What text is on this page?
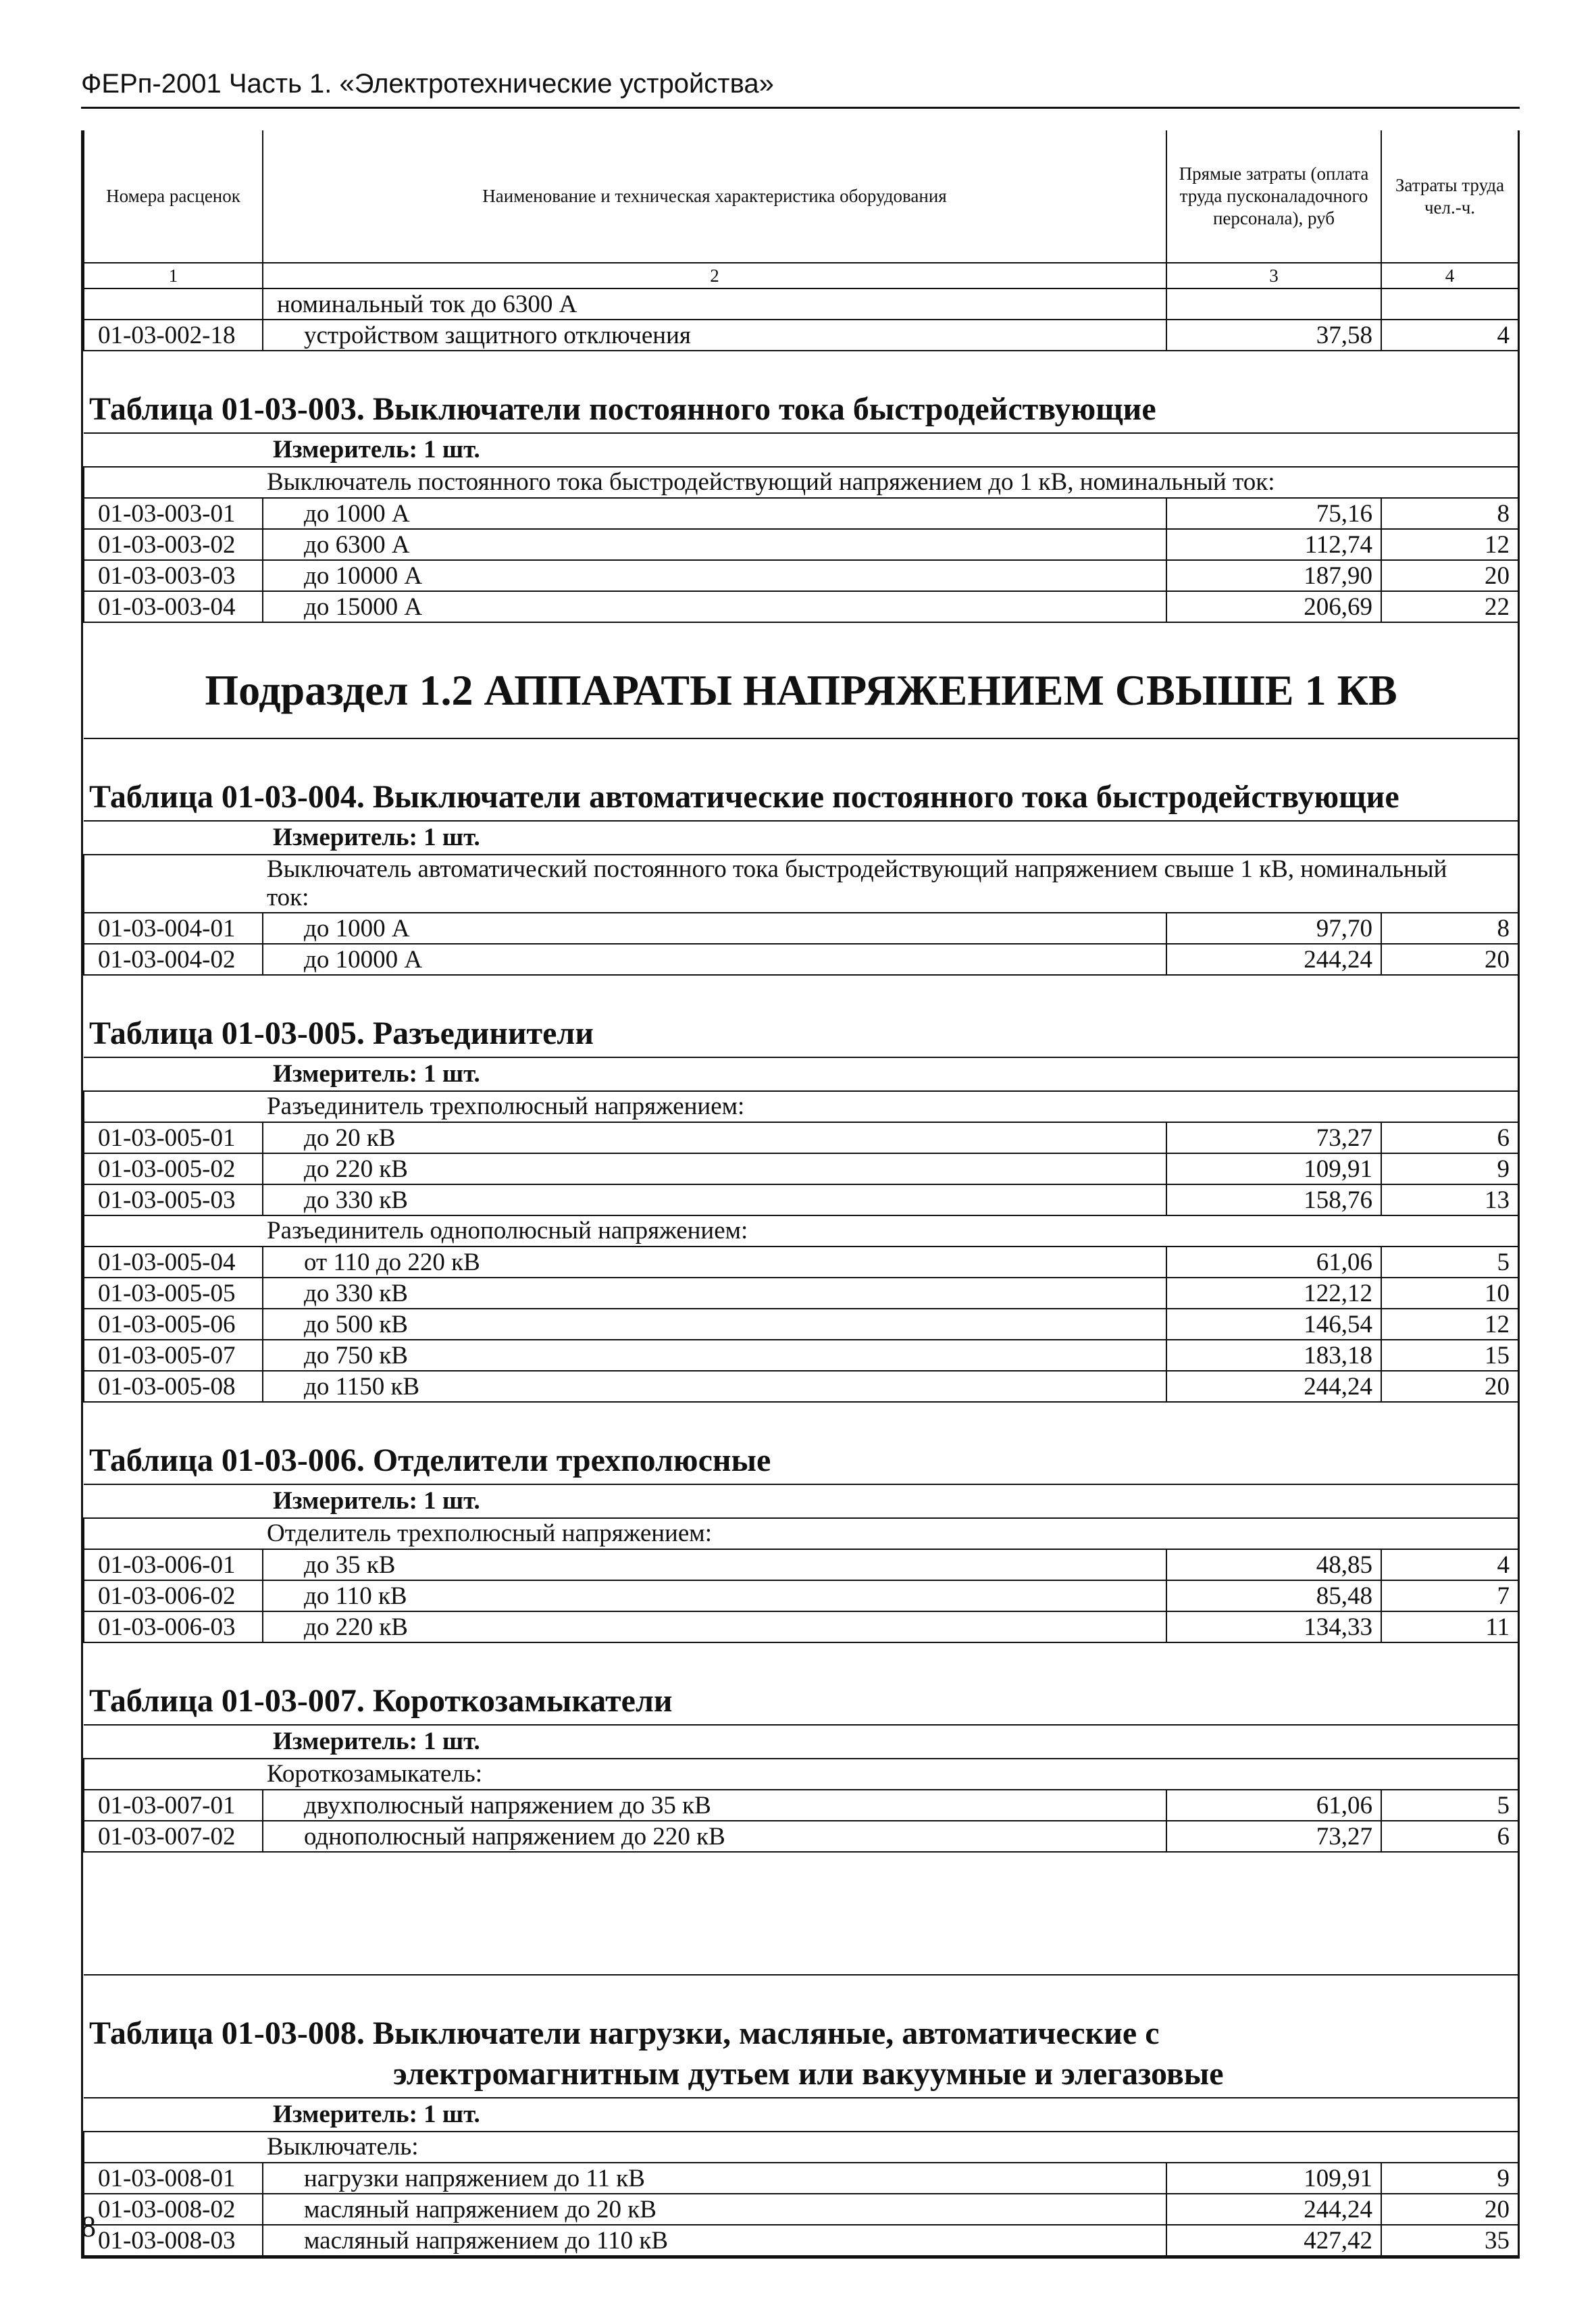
ФЕРп-2001 Часть 1. «Электротехнические устройства»
Номера расценок	Наименование и техническая характеристика оборудования	Прямые затраты (оплата труда пусконаладочного персонала), руб	Затраты труда чел.-ч.
1	2	3	4
	номинальный ток до 6300 А		
01-03-002-18	устройством защитного отключения	37,58	4

Таблица 01-03-003. Выключатели постоянного тока быстродействующие			

Измеритель: 1 шт.			

Выключатель постоянного тока быстродействующий напряжением до 1 кВ, номинальный ток:			
01-03-003-01	до 1000 А	75,16	8
01-03-003-02	до 6300 А	112,74	12
01-03-003-03	до 10000 А	187,90	20
01-03-003-04	до 15000 А	206,69	22

Подраздел 1.2 АППАРАТЫ НАПРЯЖЕНИЕМ СВЫШЕ 1 КВ			

Таблица 01-03-004. Выключатели автоматические постоянного тока быстродействующие			

Измеритель: 1 шт.			

Выключатель автоматический постоянного тока быстродействующий напряжением свыше 1 кВ, номинальный ток:			
01-03-004-01	до 1000 А	97,70	8
01-03-004-02	до 10000 А	244,24	20

Таблица 01-03-005. Разъединители			

Измеритель: 1 шт.			

Разъединитель трехполюсный напряжением:			
01-03-005-01	до 20 кВ	73,27	6
01-03-005-02	до 220 кВ	109,91	9
01-03-005-03	до 330 кВ	158,76	13
Разъединитель однополюсный напряжением:			
01-03-005-04	от 110 до 220 кВ	61,06	5
01-03-005-05	до 330 кВ	122,12	10
01-03-005-06	до 500 кВ	146,54	12
01-03-005-07	до 750 кВ	183,18	15
01-03-005-08	до 1150 кВ	244,24	20

Таблица 01-03-006. Отделители трехполюсные			

Измеритель: 1 шт.			

Отделитель трехполюсный напряжением:			
01-03-006-01	до 35 кВ	48,85	4
01-03-006-02	до 110 кВ	85,48	7
01-03-006-03	до 220 кВ	134,33	11

Таблица 01-03-007. Короткозамыкатели			

Измеритель: 1 шт.			

Короткозамыкатель:			
01-03-007-01	двухполюсный напряжением до 35 кВ	61,06	5
01-03-007-02	однополюсный напряжением до 220 кВ	73,27	6

Таблица 01-03-008. Выключатели нагрузки, масляные, автоматические с
электромагнитным дутьем или вакуумные и элегазовые			

Измеритель: 1 шт.			

Выключатель:			
01-03-008-01	нагрузки напряжением до 11 кВ	109,91	9
01-03-008-02	масляный напряжением до 20 кВ	244,24	20
01-03-008-03	масляный напряжением до 110 кВ	427,42	35
8
